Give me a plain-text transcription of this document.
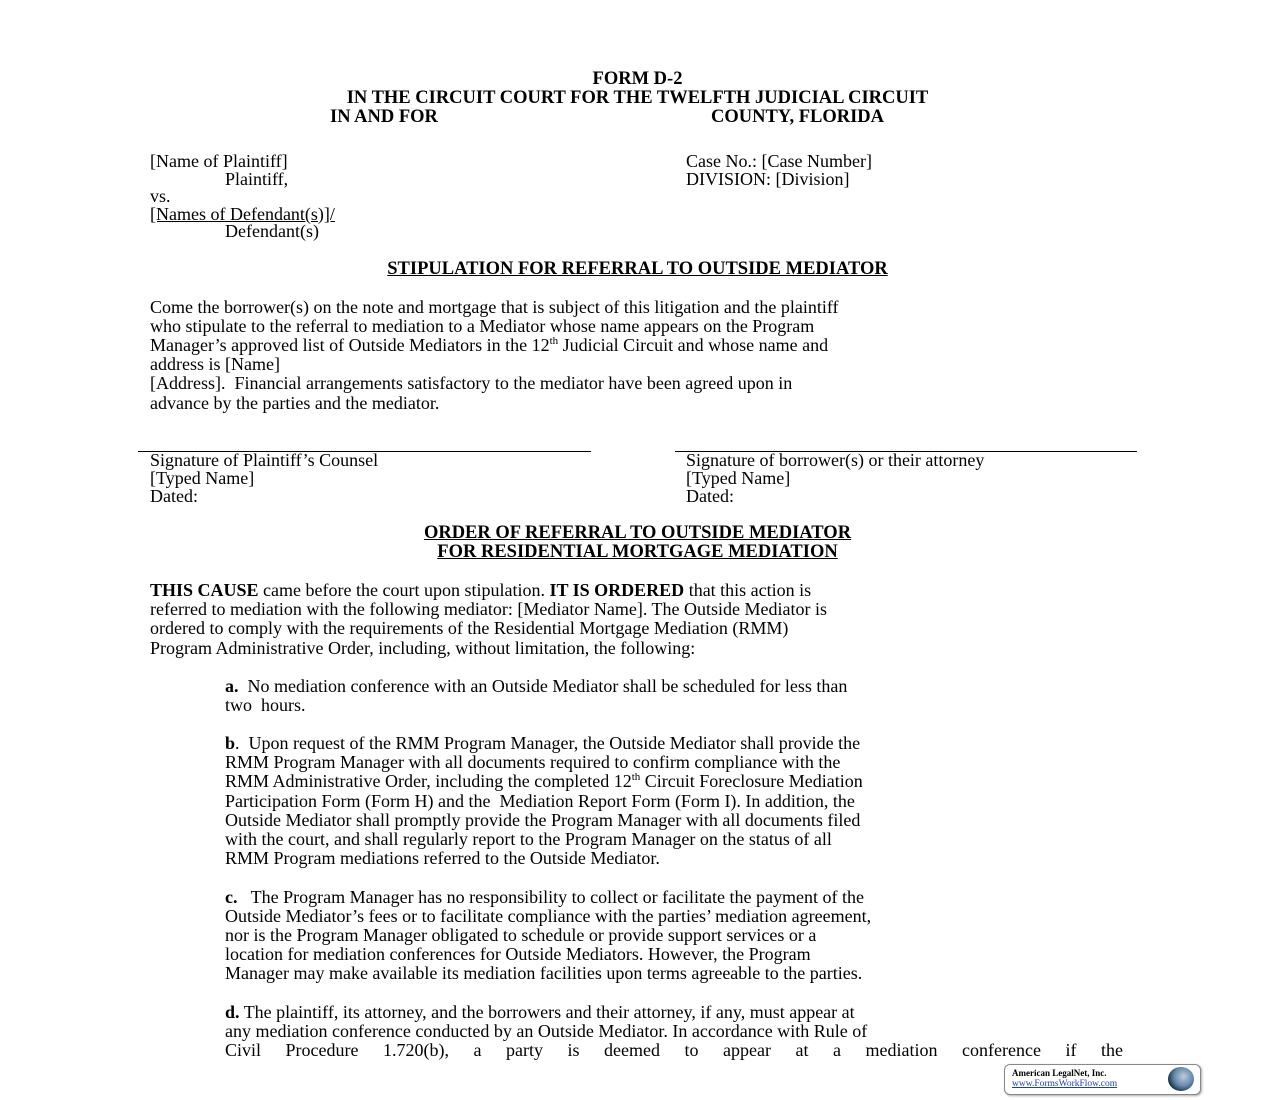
FORM D-2
IN THE CIRCUIT COURT FOR THE TWELFTH JUDICIAL CIRCUIT
IN AND FOR	COUNTY, FLORIDA
[Name of Plaintiff]
Plaintiff,
vs.
[Names of Defendant(s)]/
Defendant(s)
Case No.: [Case Number]
DIVISION: [Division]
STIPULATION FOR REFERRAL TO OUTSIDE MEDIATOR
Come the borrower(s) on the note and mortgage that is subject of this litigation and the plaintiff
who stipulate to the referral to mediation to a Mediator whose name appears on the Program
Manager’s approved list of Outside Mediators in the 12th Judicial Circuit and whose name and
address is [Name]
[Address].  Financial arrangements satisfactory to the mediator have been agreed upon in
advance by the parties and the mediator.
Signature of Plaintiff’s Counsel
[Typed Name]
Dated:
Signature of borrower(s) or their attorney
[Typed Name]
Dated:
ORDER OF REFERRAL TO OUTSIDE MEDIATOR
FOR RESIDENTIAL MORTGAGE MEDIATION
THIS CAUSE came before the court upon stipulation. IT IS ORDERED that this action is
referred to mediation with the following mediator: [Mediator Name]. The Outside Mediator is
ordered to comply with the requirements of the Residential Mortgage Mediation (RMM)
Program Administrative Order, including, without limitation, the following:
a.  No mediation conference with an Outside Mediator shall be scheduled for less than
two  hours.
b.  Upon request of the RMM Program Manager, the Outside Mediator shall provide the
RMM Program Manager with all documents required to confirm compliance with the
RMM Administrative Order, including the completed 12th Circuit Foreclosure Mediation
Participation Form (Form H) and the  Mediation Report Form (Form I). In addition, the
Outside Mediator shall promptly provide the Program Manager with all documents filed
with the court, and shall regularly report to the Program Manager on the status of all
RMM Program mediations referred to the Outside Mediator.
c.   The Program Manager has no responsibility to collect or facilitate the payment of the
Outside Mediator’s fees or to facilitate compliance with the parties’ mediation agreement,
nor is the Program Manager obligated to schedule or provide support services or a
location for mediation conferences for Outside Mediators. However, the Program
Manager may make available its mediation facilities upon terms agreeable to the parties.
d. The plaintiff, its attorney, and the borrowers and their attorney, if any, must appear at
any mediation conference conducted by an Outside Mediator. In accordance with Rule of
Civil Procedure 1.720(b), a party is deemed to appear at a mediation conference if the
American LegalNet, Inc.
www.FormsWorkFlow.com
